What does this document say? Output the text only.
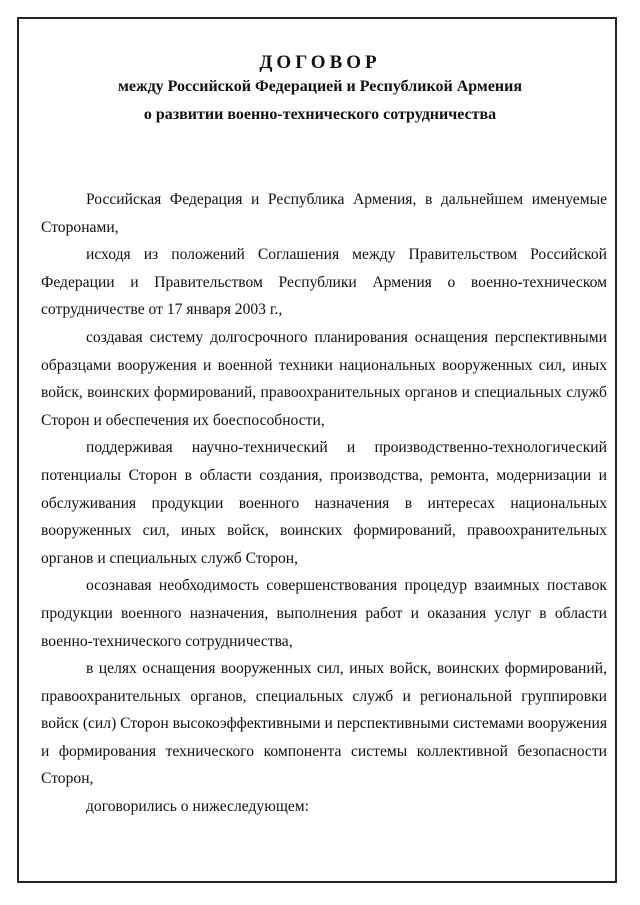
ДОГОВОР
между Российской Федерацией и Республикой Армения
о развитии военно-технического сотрудничества

Российская Федерация и Республика Армения, в дальнейшем именуемые Сторонами,

исходя из положений Соглашения между Правительством Российской Федерации и Правительством Республики Армения о военно-техническом сотрудничестве от 17 января 2003 г.,

создавая систему долгосрочного планирования оснащения перспективными образцами вооружения и военной техники национальных вооруженных сил, иных войск, воинских формирований, правоохранительных органов и специальных служб Сторон и обеспечения их боеспособности,

поддерживая научно-технический и производственно-технологический потенциалы Сторон в области создания, производства, ремонта, модернизации и обслуживания продукции военного назначения в интересах национальных вооруженных сил, иных войск, воинских формирований, правоохранительных органов и специальных служб Сторон,

осознавая необходимость совершенствования процедур взаимных поставок продукции военного назначения, выполнения работ и оказания услуг в области военно-технического сотрудничества,

в целях оснащения вооруженных сил, иных войск, воинских формирований, правоохранительных органов, специальных служб и региональной группировки войск (сил) Сторон высокоэффективными и перспективными системами вооружения и формирования технического компонента системы коллективной безопасности Сторон,

договорились о нижеследующем:
